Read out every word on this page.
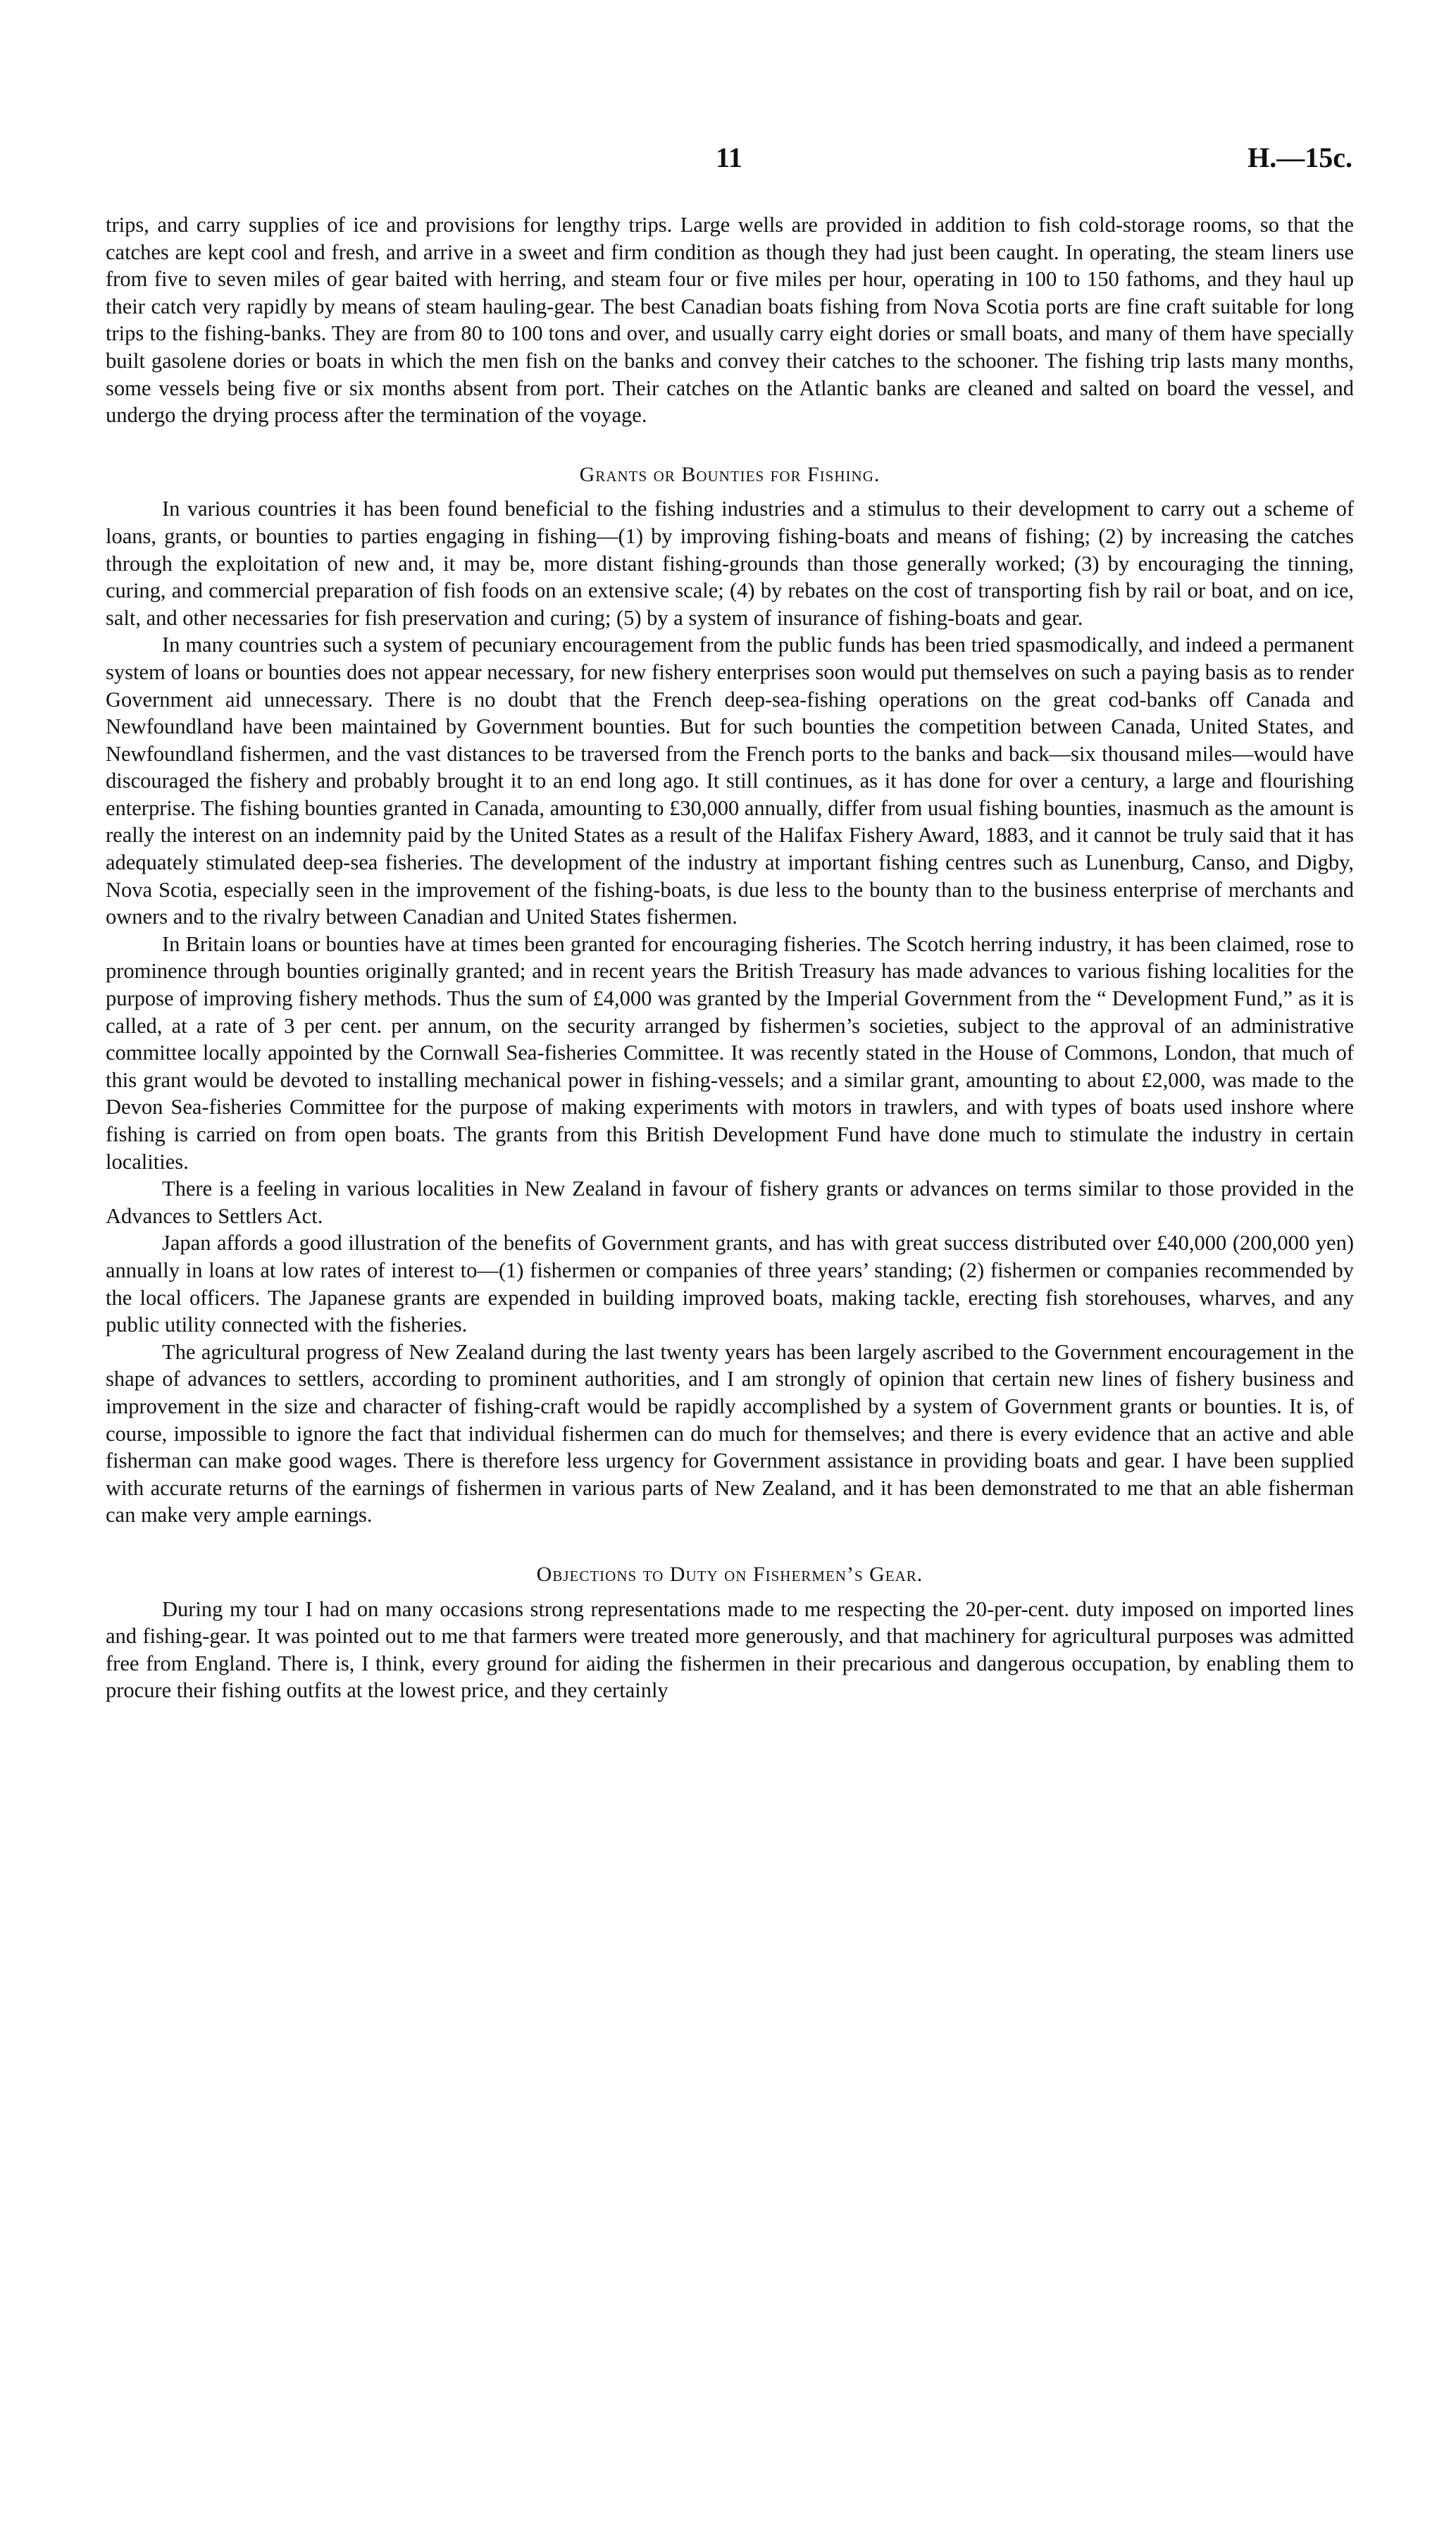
11	H.—15c.

trips, and carry supplies of ice and provisions for lengthy trips. Large wells are provided in addition to fish cold-storage rooms, so that the catches are kept cool and fresh, and arrive in a sweet and firm condition as though they had just been caught. In operating, the steam liners use from five to seven miles of gear baited with herring, and steam four or five miles per hour, operating in 100 to 150 fathoms, and they haul up their catch very rapidly by means of steam hauling-gear. The best Canadian boats fishing from Nova Scotia ports are fine craft suitable for long trips to the fishing-banks. They are from 80 to 100 tons and over, and usually carry eight dories or small boats, and many of them have specially built gasolene dories or boats in which the men fish on the banks and convey their catches to the schooner. The fishing trip lasts many months, some vessels being five or six months absent from port. Their catches on the Atlantic banks are cleaned and salted on board the vessel, and undergo the drying process after the termination of the voyage.

Grants or Bounties for Fishing.

In various countries it has been found beneficial to the fishing industries and a stimulus to their development to carry out a scheme of loans, grants, or bounties to parties engaging in fishing—(1) by improving fishing-boats and means of fishing; (2) by increasing the catches through the exploitation of new and, it may be, more distant fishing-grounds than those generally worked; (3) by encouraging the tinning, curing, and commercial preparation of fish foods on an extensive scale; (4) by rebates on the cost of transporting fish by rail or boat, and on ice, salt, and other necessaries for fish preservation and curing; (5) by a system of insurance of fishing-boats and gear.

In many countries such a system of pecuniary encouragement from the public funds has been tried spasmodically, and indeed a permanent system of loans or bounties does not appear necessary, for new fishery enterprises soon would put themselves on such a paying basis as to render Government aid unnecessary. There is no doubt that the French deep-sea-fishing operations on the great cod-banks off Canada and Newfoundland have been maintained by Government bounties. But for such bounties the competition between Canada, United States, and Newfoundland fishermen, and the vast distances to be traversed from the French ports to the banks and back—six thousand miles—would have discouraged the fishery and probably brought it to an end long ago. It still continues, as it has done for over a century, a large and flourishing enterprise. The fishing bounties granted in Canada, amounting to £30,000 annually, differ from usual fishing bounties, inasmuch as the amount is really the interest on an indemnity paid by the United States as a result of the Halifax Fishery Award, 1883, and it cannot be truly said that it has adequately stimulated deep-sea fisheries. The development of the industry at important fishing centres such as Lunenburg, Canso, and Digby, Nova Scotia, especially seen in the improvement of the fishing-boats, is due less to the bounty than to the business enterprise of merchants and owners and to the rivalry between Canadian and United States fishermen.

In Britain loans or bounties have at times been granted for encouraging fisheries. The Scotch herring industry, it has been claimed, rose to prominence through bounties originally granted; and in recent years the British Treasury has made advances to various fishing localities for the purpose of improving fishery methods. Thus the sum of £4,000 was granted by the Imperial Government from the “ Development Fund,” as it is called, at a rate of 3 per cent. per annum, on the security arranged by fishermen’s societies, subject to the approval of an administrative committee locally appointed by the Cornwall Sea-fisheries Committee. It was recently stated in the House of Commons, London, that much of this grant would be devoted to installing mechanical power in fishing-vessels; and a similar grant, amounting to about £2,000, was made to the Devon Sea-fisheries Committee for the purpose of making experiments with motors in trawlers, and with types of boats used inshore where fishing is carried on from open boats. The grants from this British Development Fund have done much to stimulate the industry in certain localities.

There is a feeling in various localities in New Zealand in favour of fishery grants or advances on terms similar to those provided in the Advances to Settlers Act.

Japan affords a good illustration of the benefits of Government grants, and has with great success distributed over £40,000 (200,000 yen) annually in loans at low rates of interest to—(1) fishermen or companies of three years’ standing; (2) fishermen or companies recommended by the local officers. The Japanese grants are expended in building improved boats, making tackle, erecting fish storehouses, wharves, and any public utility connected with the fisheries.

The agricultural progress of New Zealand during the last twenty years has been largely ascribed to the Government encouragement in the shape of advances to settlers, according to prominent authorities, and I am strongly of opinion that certain new lines of fishery business and improvement in the size and character of fishing-craft would be rapidly accomplished by a system of Government grants or bounties. It is, of course, impossible to ignore the fact that individual fishermen can do much for themselves; and there is every evidence that an active and able fisherman can make good wages. There is therefore less urgency for Government assistance in providing boats and gear. I have been supplied with accurate returns of the earnings of fishermen in various parts of New Zealand, and it has been demonstrated to me that an able fisherman can make very ample earnings.

Objections to Duty on Fishermen’s Gear.

During my tour I had on many occasions strong representations made to me respecting the 20-per-cent. duty imposed on imported lines and fishing-gear. It was pointed out to me that farmers were treated more generously, and that machinery for agricultural purposes was admitted free from England. There is, I think, every ground for aiding the fishermen in their precarious and dangerous occupation, by enabling them to procure their fishing outfits at the lowest price, and they certainly
